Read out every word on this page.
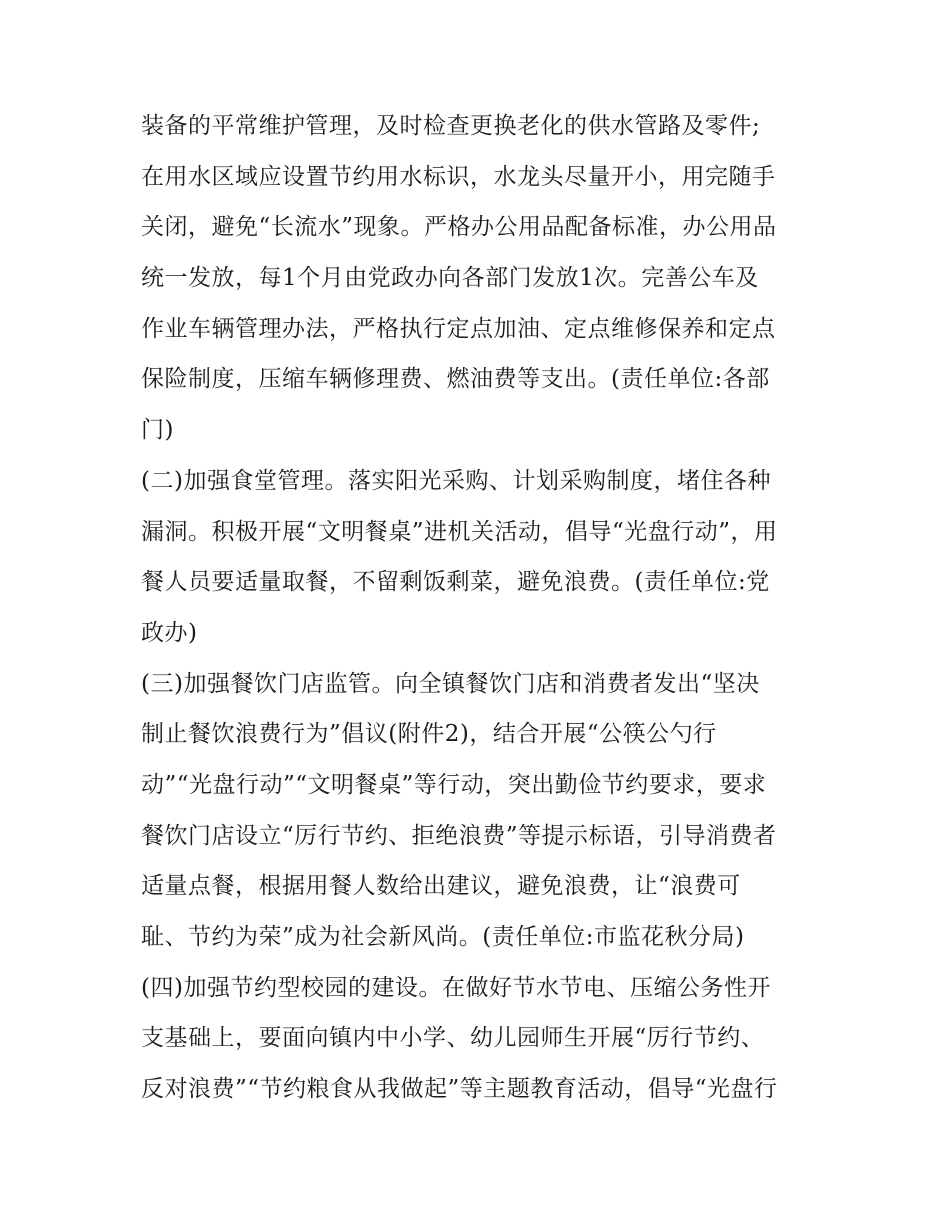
装备的平常维护管理，及时检查更换老化的供水管路及零件;
在用水区域应设置节约用水标识，水龙头尽量开小，用完随手
关闭，避免“长流水”现象。严格办公用品配备标准，办公用品
统一发放，每1个月由党政办向各部门发放1次。完善公车及
作业车辆管理办法，严格执行定点加油、定点维修保养和定点
保险制度，压缩车辆修理费、燃油费等支出。(责任单位:各部
门)
(二)加强食堂管理。落实阳光采购、计划采购制度，堵住各种
漏洞。积极开展“文明餐桌”进机关活动，倡导“光盘行动”，用
餐人员要适量取餐，不留剩饭剩菜，避免浪费。(责任单位:党
政办)
(三)加强餐饮门店监管。向全镇餐饮门店和消费者发出“坚决
制止餐饮浪费行为”倡议(附件2)，结合开展“公筷公勺行
动”“光盘行动”“文明餐桌”等行动，突出勤俭节约要求，要求
餐饮门店设立“厉行节约、拒绝浪费”等提示标语，引导消费者
适量点餐，根据用餐人数给出建议，避免浪费，让“浪费可
耻、节约为荣”成为社会新风尚。(责任单位:市监花秋分局)
(四)加强节约型校园的建设。在做好节水节电、压缩公务性开
支基础上，要面向镇内中小学、幼儿园师生开展“厉行节约、
反对浪费”“节约粮食从我做起”等主题教育活动，倡导“光盘行
